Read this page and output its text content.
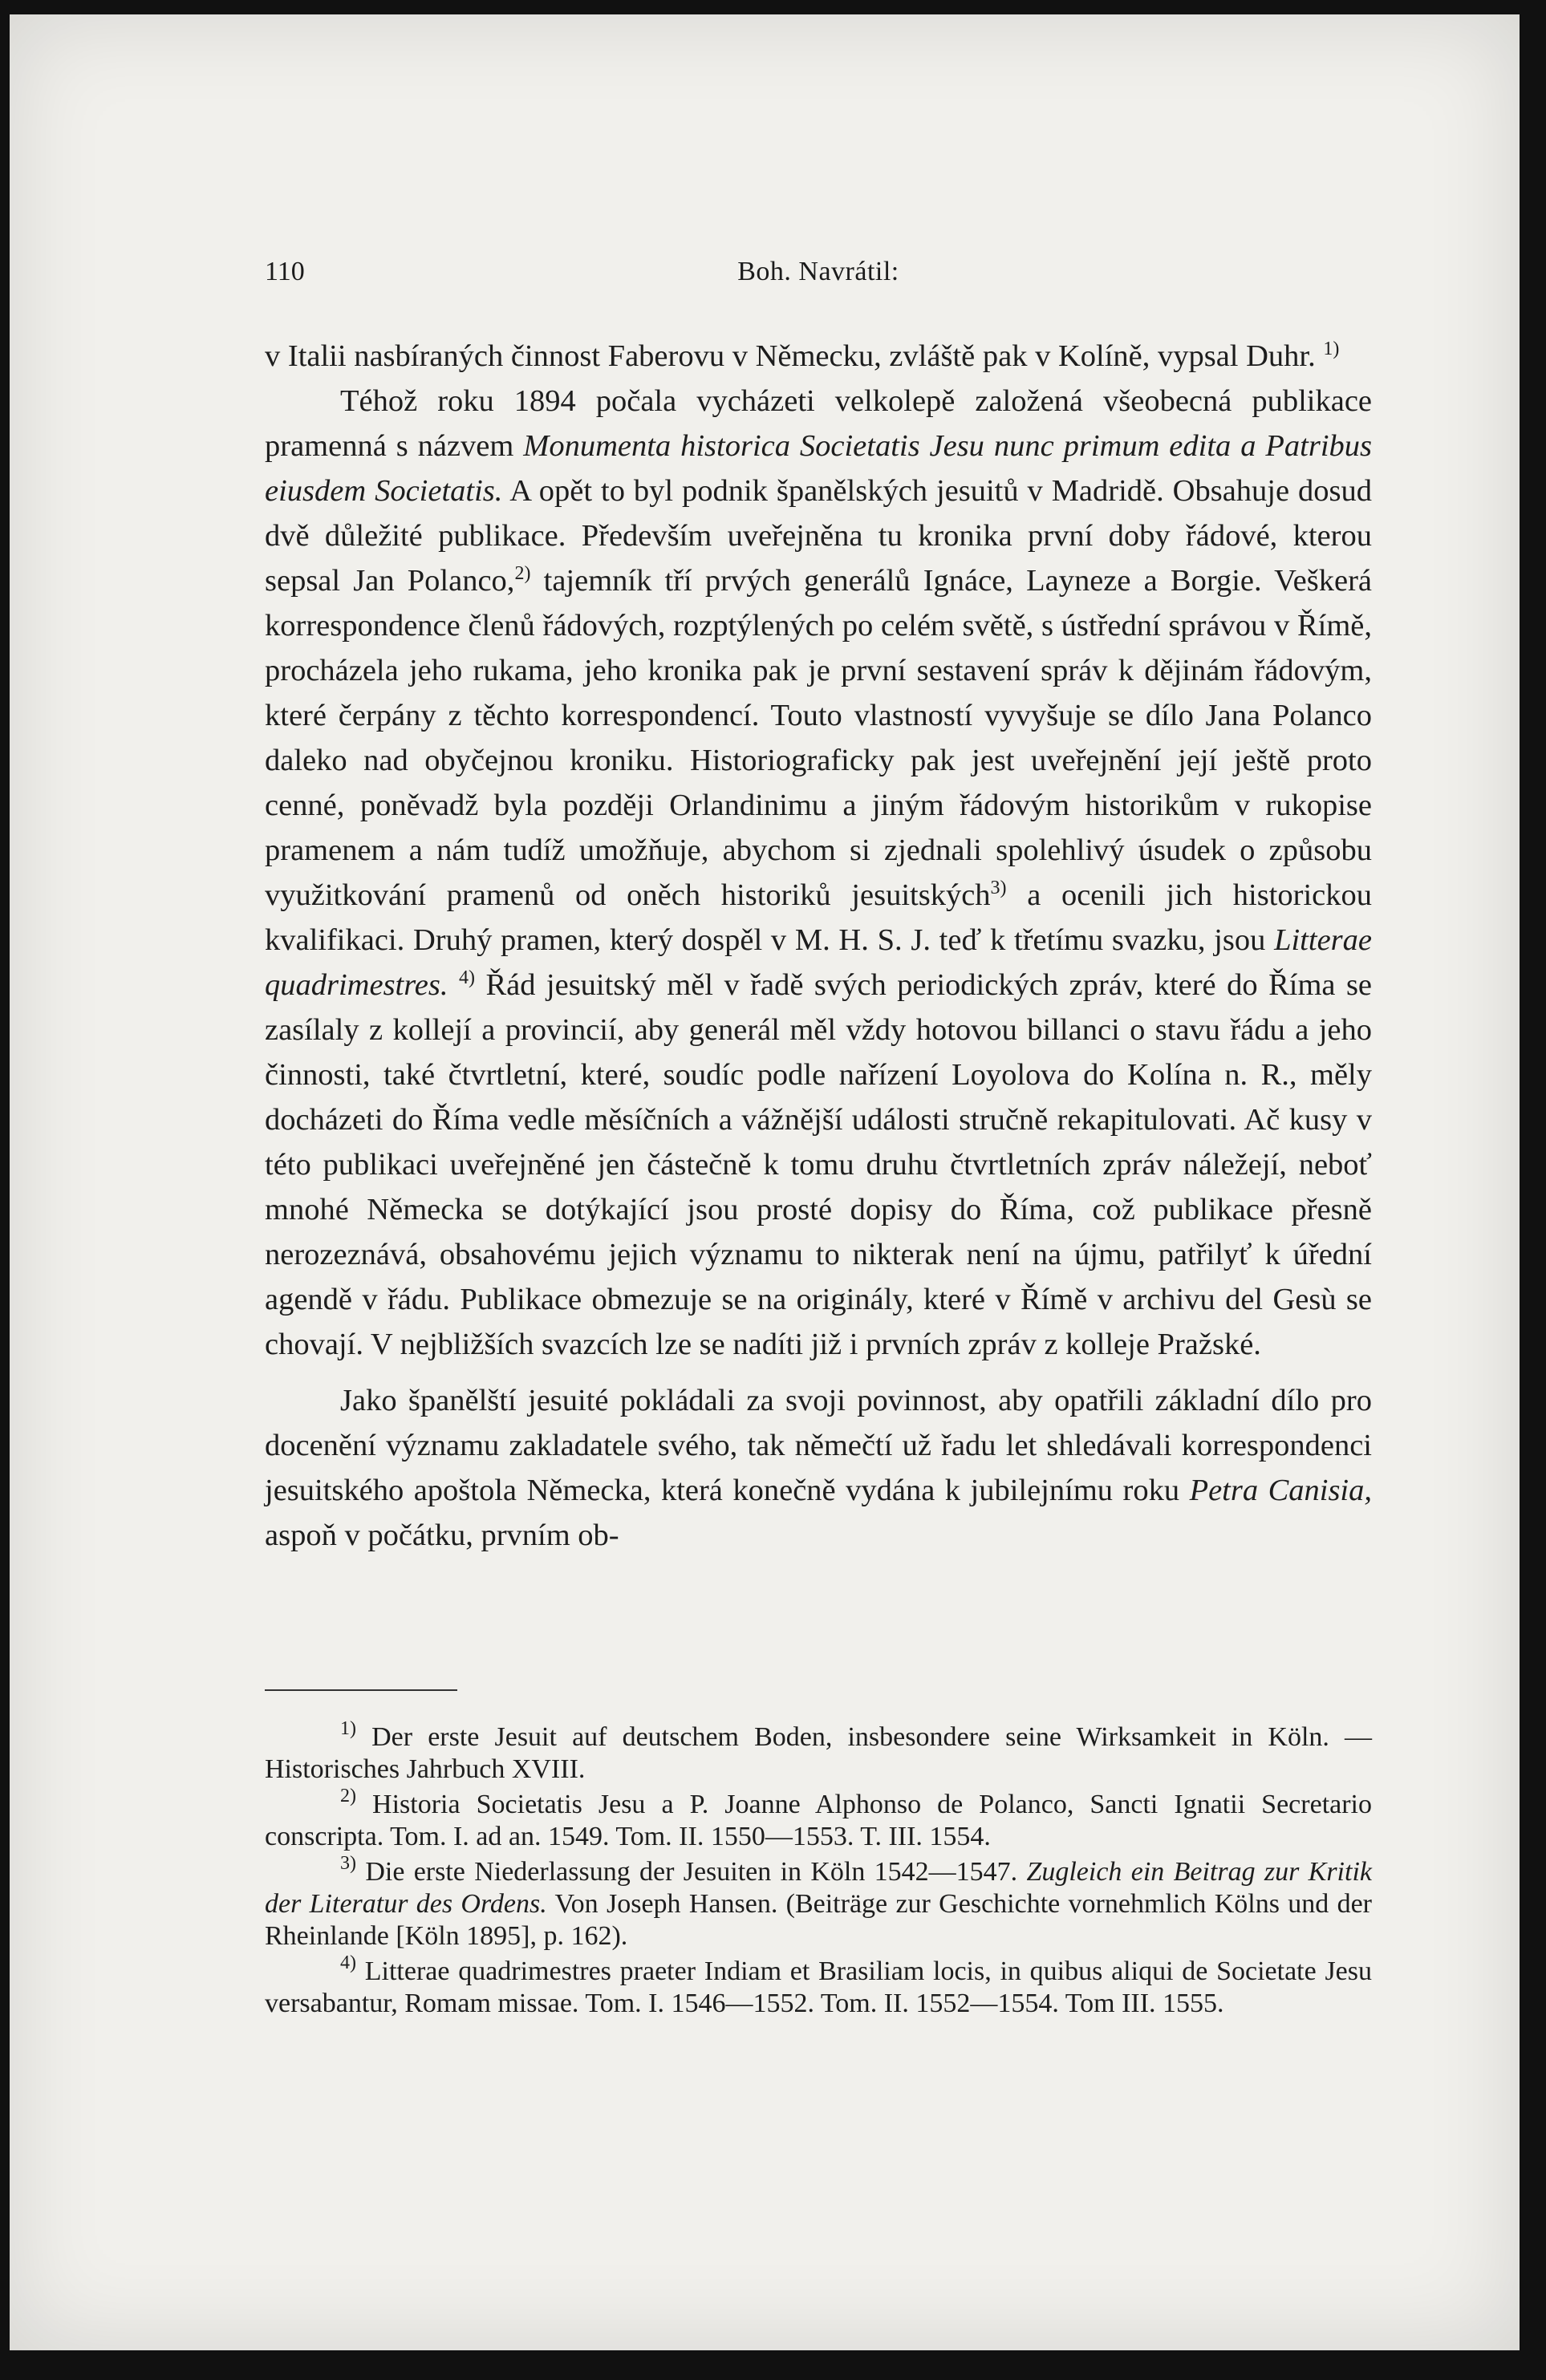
110	Boh. Navrátil:

v Italii nasbíraných činnost Faberovu v Německu, zvláště pak v Kolíně, vypsal Duhr. $^{1)}$

Téhož roku 1894 počala vycházeti velkolepě založená všeobecná publikace pramenná s názvem Monumenta historica Societatis Jesu nunc primum edita a Patribus eiusdem Societatis. A opět to byl podnik španělských jesuitů v Madridě. Obsahuje dosud dvě důležité publikace. Především uveřejněna tu kronika první doby řádové, kterou sepsal Jan Polanco,$^{2)}$ tajemník tří prvých generálů Ignáce, Layneze a Borgie. Veškerá korrespondence členů řádových, rozptýlených po celém světě, s ústřední správou v Římě, procházela jeho rukama, jeho kronika pak je první sestavení správ k dějinám řádovým, které čerpány z těchto korrespondencí. Touto vlastností vyvyšuje se dílo Jana Polanco daleko nad obyčejnou kroniku. Historiograficky pak jest uveřejnění její ještě proto cenné, poněvadž byla později Orlandinimu a jiným řádovým historikům v rukopise pramenem a nám tudíž umožňuje, abychom si zjednali spolehlivý úsudek o způsobu využitkování pramenů od oněch historiků jesuitských$^{3)}$ a ocenili jich historickou kvalifikaci. Druhý pramen, který dospěl v M. H. S. J. teď k třetímu svazku, jsou Litterae quadrimestres. $^{4)}$ Řád jesuitský měl v řadě svých periodických zpráv, které do Říma se zasílaly z kollejí a provincií, aby generál měl vždy hotovou billanci o stavu řádu a jeho činnosti, také čtvrtletní, které, soudíc podle nařízení Loyolova do Kolína n. R., měly docházeti do Říma vedle měsíčních a vážnější události stručně rekapitulovati. Ač kusy v této publikaci uveřejněné jen částečně k tomu druhu čtvrtletních zpráv náležejí, neboť mnohé Německa se dotýkající jsou prosté dopisy do Říma, což publikace přesně nerozeznává, obsahovému jejich významu to nikterak není na újmu, patřilyť k úřední agendě v řádu. Publikace obmezuje se na originály, které v Římě v archivu del Gesù se chovají. V nejbližších svazcích lze se nadíti již i prvních zpráv z kolleje Pražské.

Jako španělští jesuité pokládali za svoji povinnost, aby opatřili základní dílo pro docenění významu zakladatele svého, tak němečtí už řadu let shledávali korrespondenci jesuitského apoštola Německa, která konečně vydána k jubilejnímu roku Petra Canisia, aspoň v počátku, prvním ob-

$^{1)}$ Der erste Jesuit auf deutschem Boden, insbesondere seine Wirksamkeit in Köln. — Historisches Jahrbuch XVIII.

$^{2)}$ Historia Societatis Jesu a P. Joanne Alphonso de Polanco, Sancti Ignatii Secretario conscripta. Tom. I. ad an. 1549. Tom. II. 1550—1553. T. III. 1554.

$^{3)}$ Die erste Niederlassung der Jesuiten in Köln 1542—1547. Zugleich ein Beitrag zur Kritik der Literatur des Ordens. Von Joseph Hansen. (Beiträge zur Geschichte vornehmlich Kölns und der Rheinlande [Köln 1895], p. 162).

$^{4)}$ Litterae quadrimestres praeter Indiam et Brasiliam locis, in quibus aliqui de Societate Jesu versabantur, Romam missae. Tom. I. 1546—1552. Tom. II. 1552—1554. Tom III. 1555.
